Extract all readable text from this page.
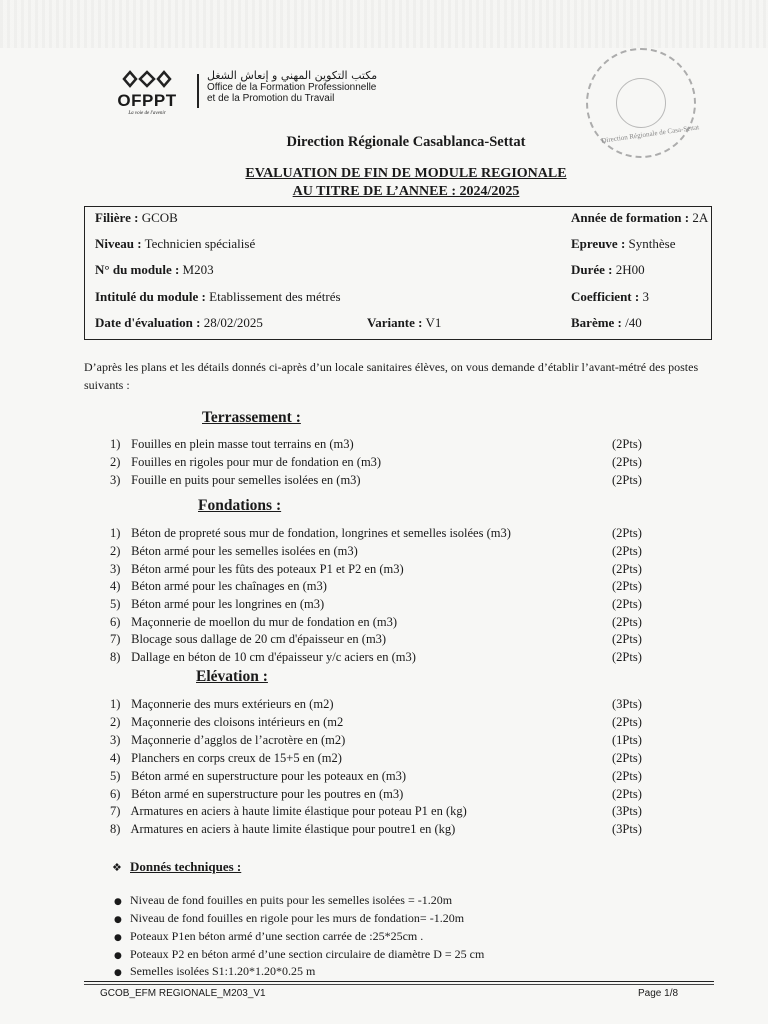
OFPPT
La voie de l'avenir
مكتب التكوين المهني و إنعاش الشغل
Office de la Formation Professionnelle
et de la Promotion du Travail
Direction Régionale de Casa-Settat
Direction Régionale Casablanca-Settat
EVALUATION DE FIN DE MODULE REGIONALE
AU TITRE DE L’ANNEE : 2024/2025
Filière : GCOB	Année de formation : 2A
Niveau : Technicien spécialisé	Epreuve : Synthèse
N° du module : M203	Durée : 2H00
Intitulé du module : Etablissement des métrés	Coefficient : 3
Date d'évaluation : 28/02/2025	Variante : V1	Barème : /40
D’après les plans et les détails donnés ci-après d’un locale sanitaires élèves, on vous demande d’établir l’avant-métré des postes suivants :
Terrassement :
1) Fouilles en plein masse tout terrains en (m3)	(2Pts)
2) Fouilles en rigoles pour mur de fondation en (m3)	(2Pts)
3) Fouille en puits pour semelles isolées en (m3)	(2Pts)
Fondations :
1) Béton de propreté sous mur de fondation, longrines et semelles isolées (m3)	(2Pts)
2) Béton armé pour les semelles isolées en (m3)	(2Pts)
3) Béton armé pour les fûts des poteaux P1 et P2 en (m3)	(2Pts)
4) Béton armé pour les chaînages en (m3)	(2Pts)
5) Béton armé pour les longrines en (m3)	(2Pts)
6) Maçonnerie de moellon du mur de fondation en (m3)	(2Pts)
7) Blocage sous dallage de 20 cm d'épaisseur en (m3)	(2Pts)
8) Dallage en béton de 10 cm d'épaisseur y/c aciers en (m3)	(2Pts)
Elévation :
1) Maçonnerie des murs extérieurs en (m2)	(3Pts)
2) Maçonnerie des cloisons intérieurs en (m2	(2Pts)
3) Maçonnerie d’agglos de l’acrotère en (m2)	(1Pts)
4) Planchers en corps creux de 15+5 en (m2)	(2Pts)
5) Béton armé en superstructure pour les poteaux en (m3)	(2Pts)
6) Béton armé en superstructure pour les poutres en (m3)	(2Pts)
7) Armatures en aciers à haute limite élastique pour poteau P1 en (kg)	(3Pts)
8) Armatures en aciers à haute limite élastique pour poutre1 en (kg)	(3Pts)
❖ Donnés techniques :
● Niveau de fond fouilles en puits pour les semelles isolées = -1.20m
● Niveau de fond fouilles en rigole pour les murs de fondation= -1.20m
● Poteaux P1en béton armé d’une section carrée de :25*25cm .
● Poteaux P2 en béton armé d’une section circulaire de diamètre D = 25 cm
● Semelles isolées S1:1.20*1.20*0.25 m
GCOB_EFM REGIONALE_M203_V1	Page 1/8
